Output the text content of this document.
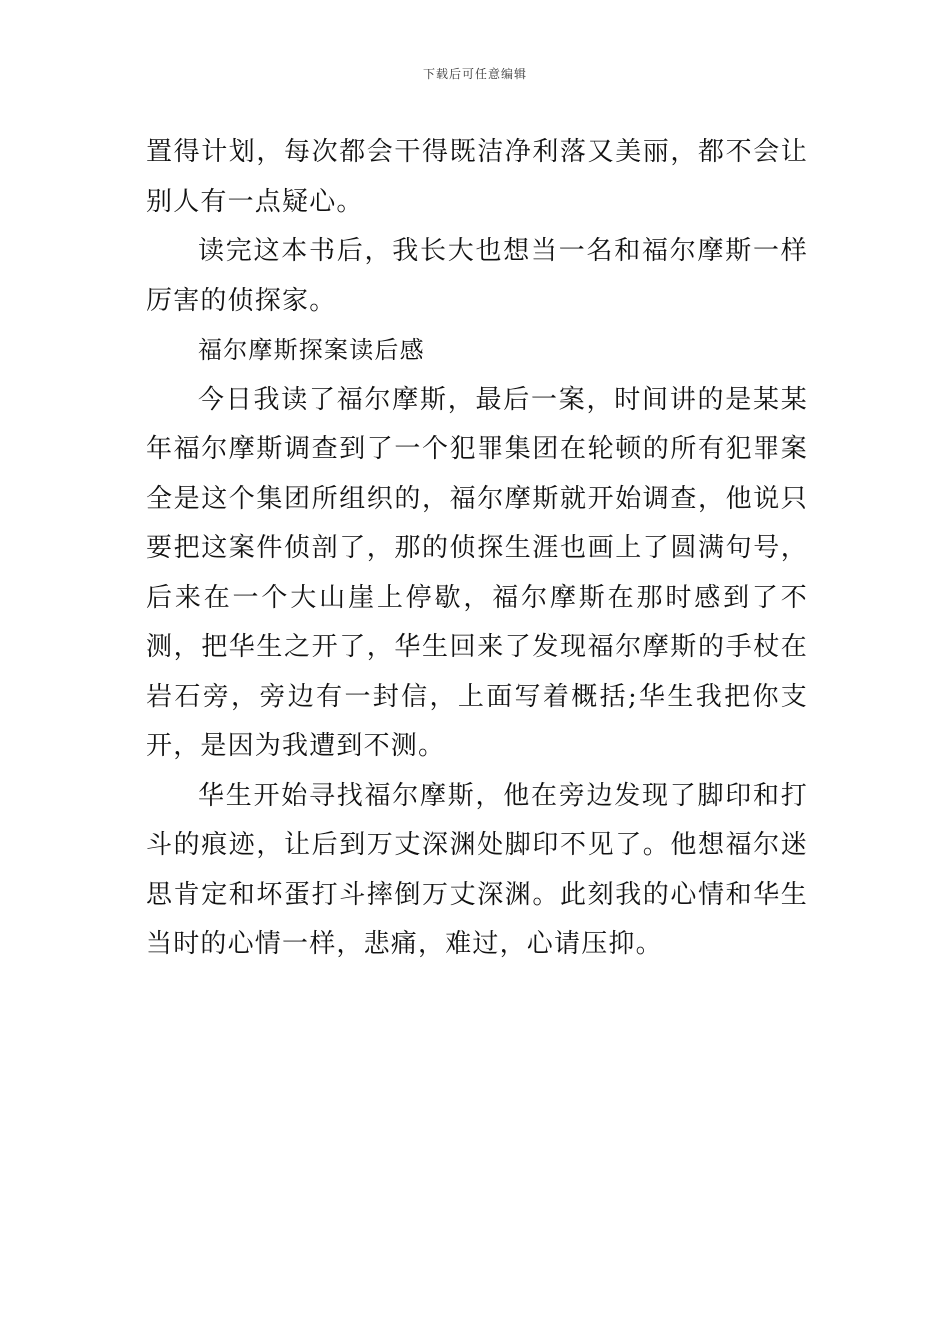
下载后可任意编辑

置得计划，每次都会干得既洁净利落又美丽，都不会让别人有一点疑心。

读完这本书后，我长大也想当一名和福尔摩斯一样厉害的侦探家。

福尔摩斯探案读后感

今日我读了福尔摩斯，最后一案，时间讲的是某某年福尔摩斯调查到了一个犯罪集团在轮顿的所有犯罪案全是这个集团所组织的，福尔摩斯就开始调查，他说只要把这案件侦剖了，那的侦探生涯也画上了圆满句号，后来在一个大山崖上停歇，福尔摩斯在那时感到了不测，把华生之开了，华生回来了发现福尔摩斯的手杖在岩石旁，旁边有一封信，上面写着概括;华生我把你支开，是因为我遭到不测。

华生开始寻找福尔摩斯，他在旁边发现了脚印和打斗的痕迹，让后到万丈深渊处脚印不见了。他想福尔迷思肯定和坏蛋打斗摔倒万丈深渊。此刻我的心情和华生当时的心情一样，悲痛，难过，心请压抑。
